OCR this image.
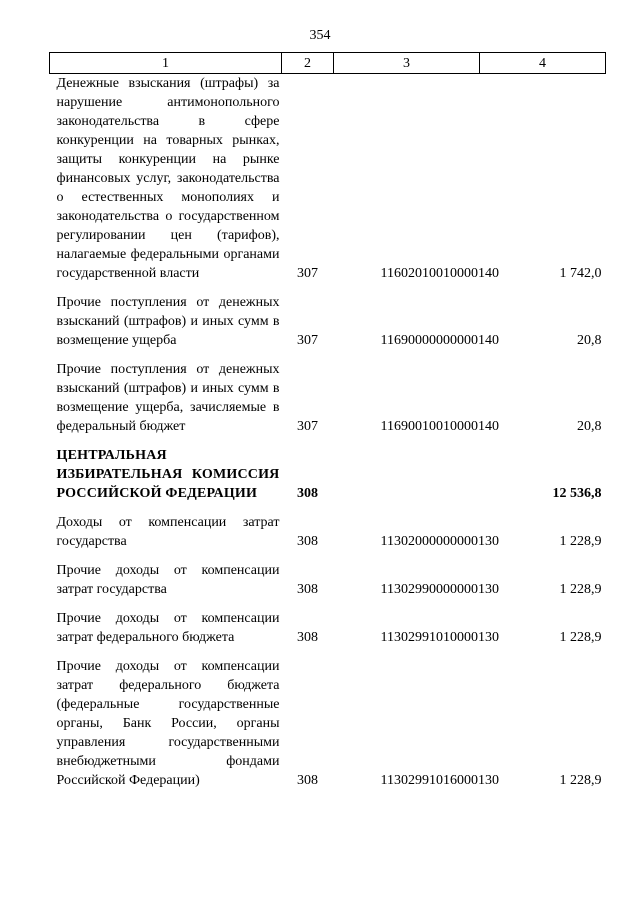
354
1	2	3	4
Денежные взыскания (штрафы) за нарушение антимонопольного законодательства в сфере конкуренции на товарных рынках, защиты конкуренции на рынке финансовых услуг, законодательства о естественных монополиях и законодательства о государственном регулировании цен (тарифов), налагаемые федеральными органами государственной власти	307	11602010010000140	1 742,0

Прочие поступления от денежных взысканий (штрафов) и иных сумм в возмещение ущерба	307	11690000000000140	20,8

Прочие поступления от денежных взысканий (штрафов) и иных сумм в возмещение ущерба, зачисляемые в федеральный бюджет	307	11690010010000140	20,8

ЦЕНТРАЛЬНАЯ ИЗБИРАТЕЛЬНАЯ КОМИССИЯ РОССИЙСКОЙ ФЕДЕРАЦИИ	308		12 536,8

Доходы от компенсации затрат государства	308	11302000000000130	1 228,9

Прочие доходы от компенсации затрат государства	308	11302990000000130	1 228,9

Прочие доходы от компенсации затрат федерального бюджета	308	11302991010000130	1 228,9

Прочие доходы от компенсации затрат федерального бюджета (федеральные государственные органы, Банк России, органы управления государственными внебюджетными фондами Российской Федерации)	308	11302991016000130	1 228,9
